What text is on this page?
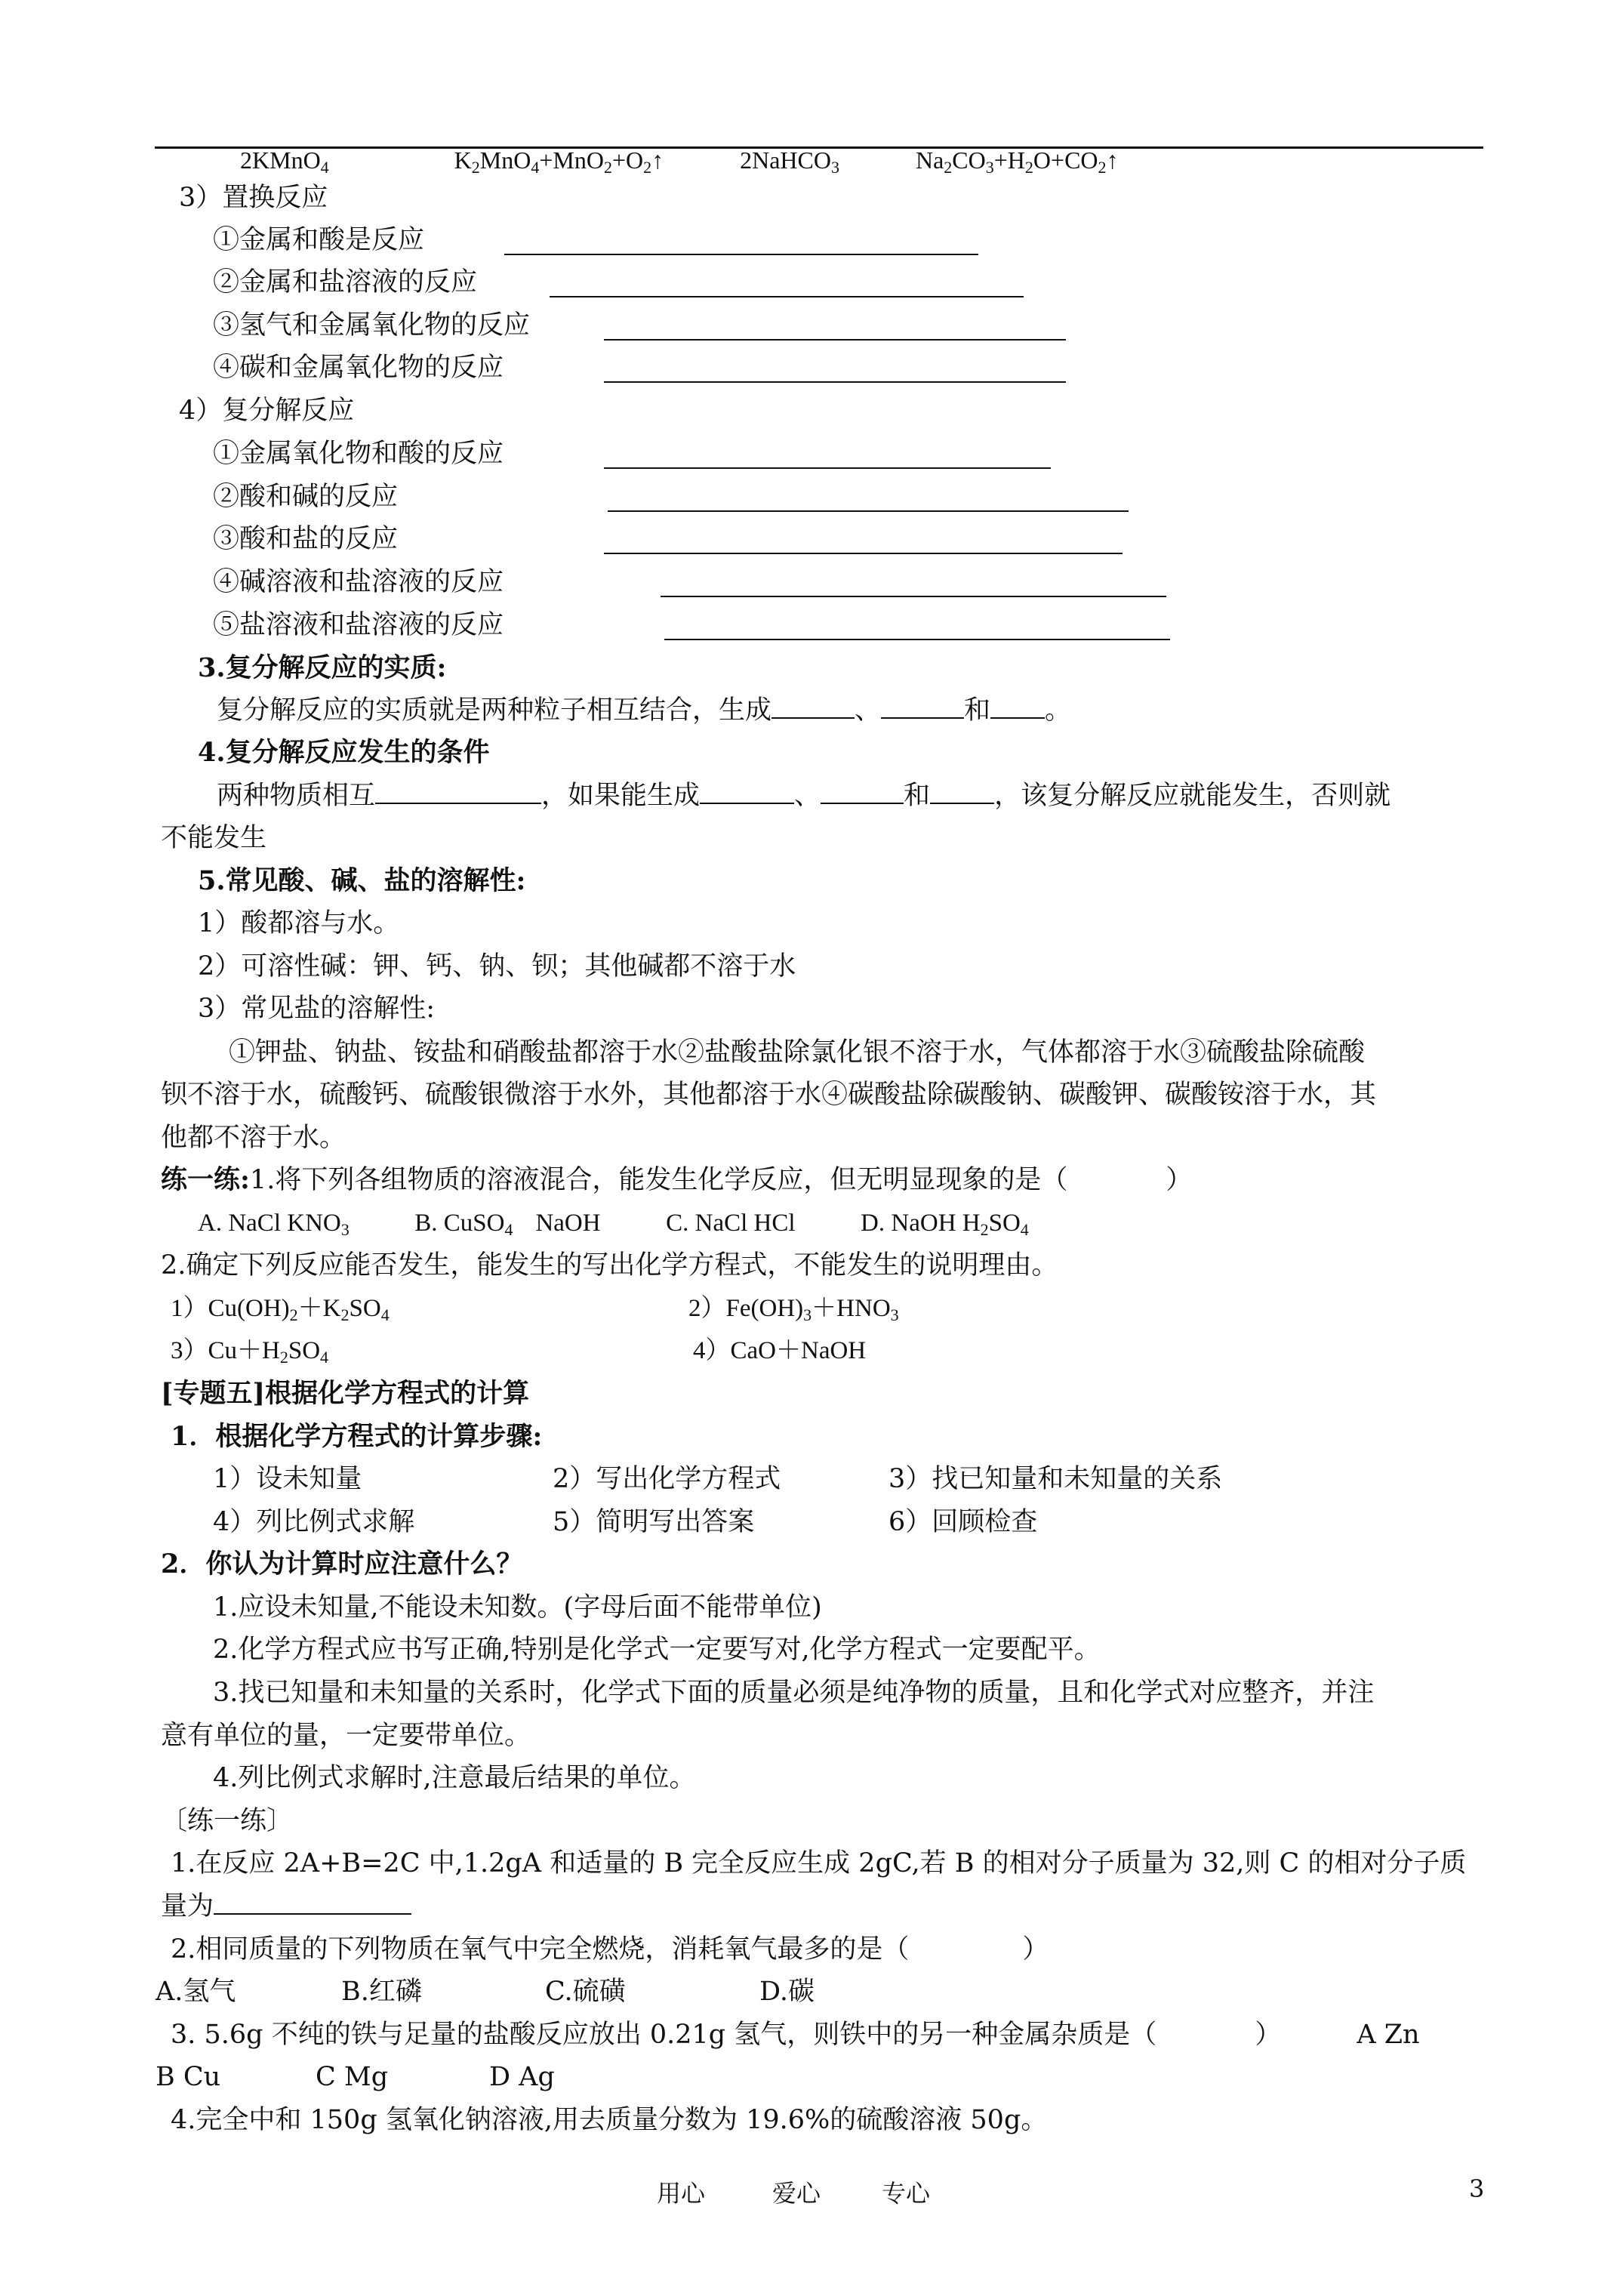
2KMnO$_4$	$K_2MnO_4+MnO_2+O_2↑$	2NaHCO$_3$	$Na_2CO_3+H_2O+CO_2↑$
3）置换反应
①金属和酸是反应
②金属和盐溶液的反应
③氢气和金属氧化物的反应
④碳和金属氧化物的反应
4）复分解反应
①金属氧化物和酸的反应
②酸和碱的反应
③酸和盐的反应
④碱溶液和盐溶液的反应
⑤盐溶液和盐溶液的反应
3.复分解反应的实质:
复分解反应的实质就是两种粒子相互结合，生成	、	和 。
4.复分解反应发生的条件
两种物质相互	，如果能生成	、	和 ，该复分解反应就能发生，否则就
不能发生
5.常见酸、碱、盐的溶解性:
1）酸都溶与水。
2）可溶性碱：钾、钙、钠、钡；其他碱都不溶于水
3）常见盐的溶解性:
①钾盐、钠盐、铵盐和硝酸盐都溶于水②盐酸盐除氯化银不溶于水，气体都溶于水③硫酸盐除硫酸
钡不溶于水，硫酸钙、硫酸银微溶于水外，其他都溶于水④碳酸盐除碳酸钠、碳酸钾、碳酸铵溶于水，其
他都不溶于水。
练一练:1.将下列各组物质的溶液混合，能发生化学反应，但无明显现象的是（	）
A. NaCl $KNO_3$	B. CuSO$_4$ NaOH	C. NaCl HCl	D. NaOH $H_2SO_4$
2.确定下列反应能否发生，能发生的写出化学方程式，不能发生的说明理由。
$1)Cu(OH)_2+K_2SO_4$	$2)Fe(OH)_3+HNO_3$
$3)Cu+H_2SO_4$	4）CaO＋NaOH
[专题五]根据化学方程式的计算
1．根据化学方程式的计算步骤:
1）设未知量	2）写出化学方程式	3）找已知量和未知量的关系
4）列比例式求解	5）简明写出答案	6）回顾检查
2．你认为计算时应注意什么？
1.应设未知量,不能设未知数。(字母后面不能带单位)
2.化学方程式应书写正确,特别是化学式一定要写对,化学方程式一定要配平。
3.找已知量和未知量的关系时，化学式下面的质量必须是纯净物的质量，且和化学式对应整齐，并注
意有单位的量，一定要带单位。
4.列比例式求解时,注意最后结果的单位。
〔练一练〕
1.在反应 2A+B=2C 中,1.2gA 和适量的 B 完全反应生成 2gC,若 B 的相对分子质量为 32,则 C 的相对分子质
量为
2.相同质量的下列物质在氧气中完全燃烧，消耗氧气最多的是（	）
A.氢气	B.红磷	C.硫磺	D.碳
3. 5.6g 不纯的铁与足量的盐酸反应放出 0.21g 氢气，则铁中的另一种金属杂质是（	）	A Zn
B Cu	C Mg	D Ag
4.完全中和 150g 氢氧化钠溶液,用去质量分数为 19.6%的硫酸溶液 50g。
用心	爱心	专心	3
